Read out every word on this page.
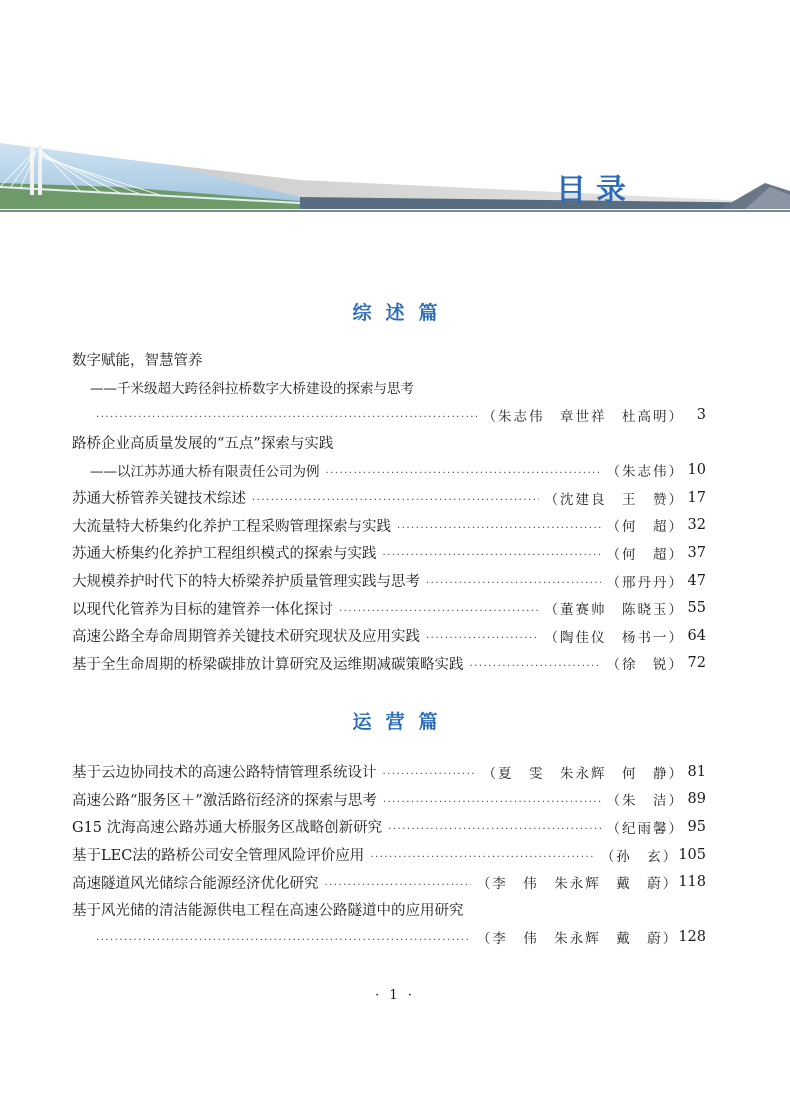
目录
综述篇
数字赋能，智慧管养
——千米级超大跨径斜拉桥数字大桥建设的探索与思考
.....
（朱志伟　章世祥　杜高明） 3
路桥企业高质量发展的“五点”探索与实践
——以江苏苏通大桥有限责任公司为例 .....	（朱志伟） 10
苏通大桥管养关键技术综述 .....	（沈建良　王　赞） 17
大流量特大桥集约化养护工程采购管理探索与实践 .....	（何　超） 32
苏通大桥集约化养护工程组织模式的探索与实践 .....	（何　超） 37
大规模养护时代下的特大桥梁养护质量管理实践与思考 .....	（邢丹丹） 47
以现代化管养为目标的建管养一体化探讨 .....	（董赛帅　陈晓玉） 55
高速公路全寿命周期管养关键技术研究现状及应用实践 .....	（陶佳仪　杨书一） 64
基于全生命周期的桥梁碳排放计算研究及运维期减碳策略实践 .....	（徐　锐） 72
运营篇
基于云边协同技术的高速公路特情管理系统设计 .....	（夏　雯　朱永辉　何　静） 81
高速公路“服务区＋”激活路衍经济的探索与思考 .....	（朱　洁） 89
G15 沈海高速公路苏通大桥服务区战略创新研究 .....	（纪雨馨） 95
基于LEC法的路桥公司安全管理风险评价应用 .....	（孙　玄） 105
高速隧道风光储综合能源经济优化研究 .....	（李　伟　朱永辉　戴　蔚） 118
基于风光储的清洁能源供电工程在高速公路隧道中的应用研究
.....
（李　伟　朱永辉　戴　蔚） 128
· 1 ·
